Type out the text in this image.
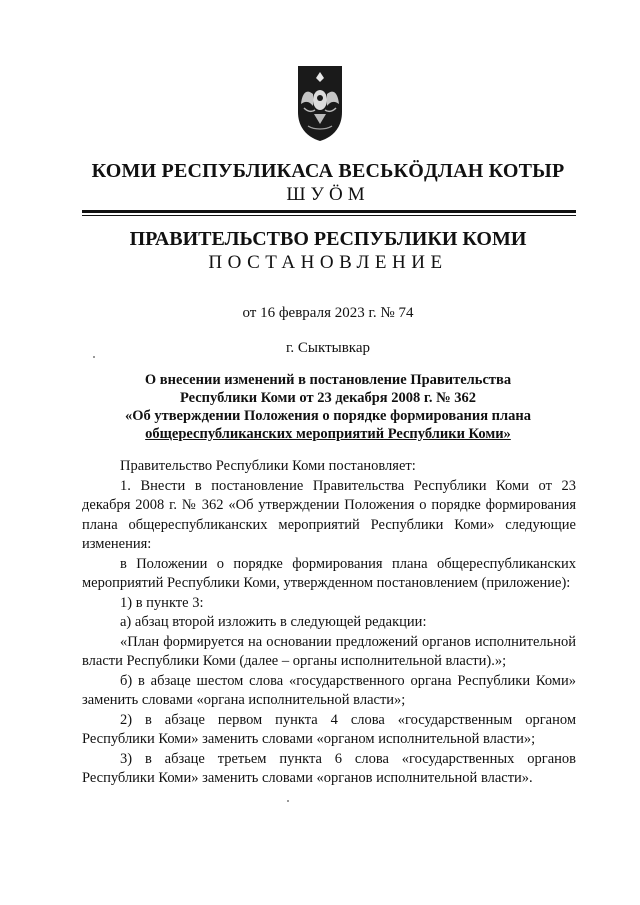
КОМИ РЕСПУБЛИКАСА ВЕСЬКӦДЛАН КОТЫР
ШУӦМ
ПРАВИТЕЛЬСТВО РЕСПУБЛИКИ КОМИ
ПОСТАНОВЛЕНИЕ
от 16 февраля 2023 г. № 74
г. Сыктывкар
О внесении изменений в постановление Правительства
Республики Коми от 23 декабря 2008 г. № 362
«Об утверждении Положения о порядке формирования плана
общереспубликанских мероприятий Республики Коми»

Правительство Республики Коми постановляет:

1. Внести в постановление Правительства Республики Коми от 23 декабря 2008 г. № 362 «Об утверждении Положения о порядке формирования плана общереспубликанских мероприятий Республики Коми» следующие изменения:

в Положении о порядке формирования плана общереспубликанских мероприятий Республики Коми, утвержденном постановлением (приложение):

1) в пункте 3:

а) абзац второй изложить в следующей редакции:

«План формируется на основании предложений органов исполнительной власти Республики Коми (далее – органы исполнительной власти).»;

б) в абзаце шестом слова «государственного органа Республики Коми» заменить словами «органа исполнительной власти»;

2) в абзаце первом пункта 4 слова «государственным органом Республики Коми» заменить словами «органом исполнительной власти»;

3) в абзаце третьем пункта 6 слова «государственных органов Республики Коми» заменить словами «органов исполнительной власти».
